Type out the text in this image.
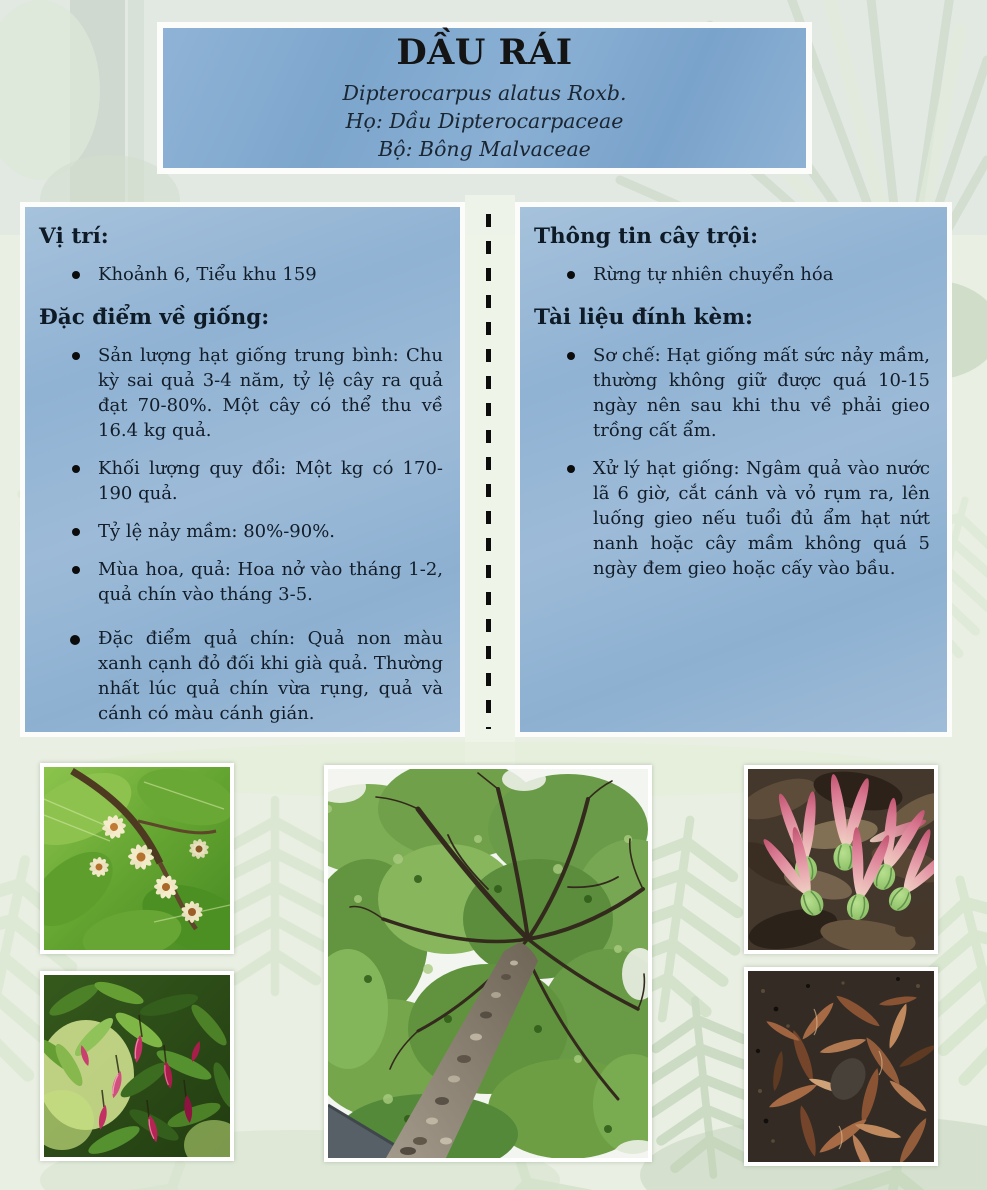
DẦU RÁI
Dipterocarpus alatus Roxb.
Họ: Dầu Dipterocarpaceae
Bộ: Bông Malvaceae
Vị trí:
Khoảnh 6, Tiểu khu 159
Đặc điểm về giống:
Sản lượng hạt giống trung bình: Chu kỳ sai quả 3-4 năm, tỷ lệ cây ra quả đạt 70-80%. Một cây có thể thu về 16.4 kg quả.
Khối lượng quy đổi: Một kg có 170-190 quả.
Tỷ lệ nảy mầm: 80%-90%.
Mùa hoa, quả: Hoa nở vào tháng 1-2, quả chín vào tháng 3-5.
Đặc điểm quả chín: Quả non màu xanh cạnh đỏ đối khi già quả. Thường nhất lúc quả chín vừa rụng, quả và cánh có màu cánh gián.
Thông tin cây trội:
Rừng tự nhiên chuyển hóa
Tài liệu đính kèm:
Sơ chế: Hạt giống mất sức nảy mầm, thường không giữ được quá 10-15 ngày nên sau khi thu về phải gieo trồng cất ẩm.
Xử lý hạt giống: Ngâm quả vào nước lã 6 giờ, cắt cánh và vỏ rụm ra, lên luống gieo nếu tuổi đủ ẩm hạt nứt nanh hoặc cây mầm không quá 5 ngày đem gieo hoặc cấy vào bầu.
